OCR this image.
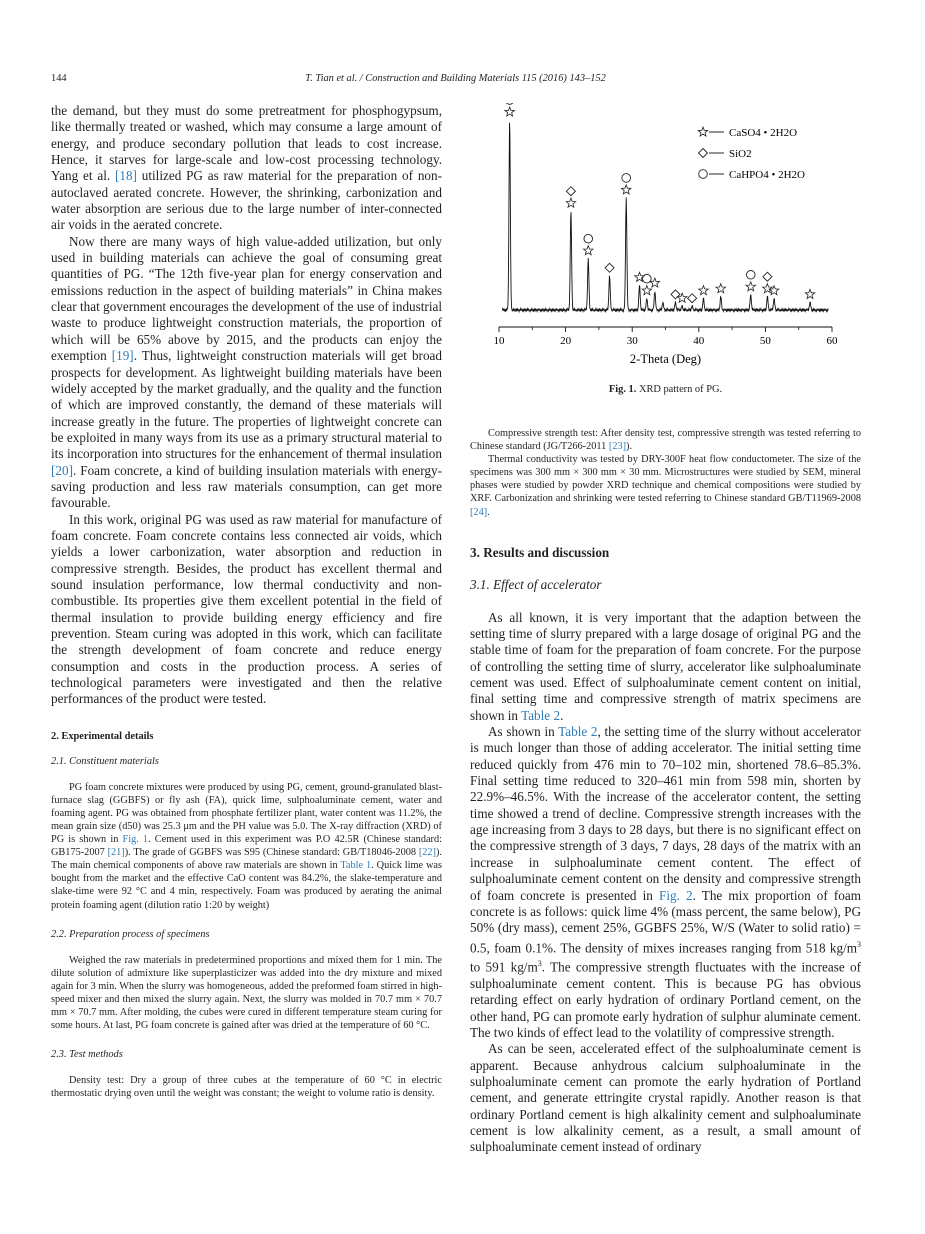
144	T. Tian et al. / Construction and Building Materials 115 (2016) 143–152

the demand, but they must do some pretreatment for phosphogypsum, like thermally treated or washed, which may consume a large amount of energy, and produce secondary pollution that leads to cost increase. Hence, it starves for large-scale and low-cost processing technology. Yang et al. [18] utilized PG as raw material for the preparation of non-autoclaved aerated concrete. However, the shrinking, carbonization and water absorption are serious due to the large number of inter-connected air voids in the aerated concrete.

Now there are many ways of high value-added utilization, but only used in building materials can achieve the goal of consuming great quantities of PG. “The 12th five-year plan for energy conservation and emissions reduction in the aspect of building materials” in China makes clear that government encourages the development of the use of industrial waste to produce lightweight construction materials, the proportion of which will be 65% above by 2015, and the products can enjoy the exemption [19]. Thus, lightweight construction materials will get broad prospects for development. As lightweight building materials have been widely accepted by the market gradually, and the quality and the function of which are improved constantly, the demand of these materials will increase greatly in the future. The properties of lightweight concrete can be exploited in many ways from its use as a primary structural material to its incorporation into structures for the enhancement of thermal insulation [20]. Foam concrete, a kind of building insulation materials with energy-saving production and less raw materials consumption, can get more favourable.

In this work, original PG was used as raw material for manufacture of foam concrete. Foam concrete contains less connected air voids, which yields a lower carbonization, water absorption and reduction in compressive strength. Besides, the product has excellent thermal and sound insulation performance, low thermal conductivity and non-combustible. Its properties give them excellent potential in the field of thermal insulation to provide building energy efficiency and fire prevention. Steam curing was adopted in this work, which can facilitate the strength development of foam concrete and reduce energy consumption and costs in the production process. A series of technological parameters were investigated and then the relative performances of the product were tested.

2. Experimental details

2.1. Constituent materials

PG foam concrete mixtures were produced by using PG, cement, ground-granulated blast-furnace slag (GGBFS) or fly ash (FA), quick lime, sulphoaluminate cement, water and foaming agent. PG was obtained from phosphate fertilizer plant, water content was 11.2%, the mean grain size (d50) was 25.3 μm and the PH value was 5.0. The X-ray diffraction (XRD) of PG is shown in Fig. 1. Cement used in this experiment was P.O 42.5R (Chinese standard: GB175-2007 [21]). The grade of GGBFS was S95 (Chinese standard: GB/T18046-2008 [22]). The main chemical components of above raw materials are shown in Table 1. Quick lime was bought from the market and the effective CaO content was 84.2%, the slake-temperature and slake-time were 92 °C and 4 min, respectively. Foam was produced by aerating the animal protein foaming agent (dilution ratio 1:20 by weight)

2.2. Preparation process of specimens

Weighed the raw materials in predetermined proportions and mixed them for 1 min. The dilute solution of admixture like superplasticizer was added into the dry mixture and mixed again for 3 min. When the slurry was homogeneous, added the preformed foam stirred in high-speed mixer and then mixed the slurry again. Next, the slurry was molded in 70.7 mm × 70.7 mm × 70.7 mm. After molding, the cubes were cured in different temperature steam curing for some hours. At last, PG foam concrete is gained after was dried at the temperature of 60 °C.

2.3. Test methods

Density test: Dry a group of three cubes at the temperature of 60 °C in electric thermostatic drying oven until the weight was constant; the weight to volume ratio is density.

CaSO4 • 2H2O
SiO2
CaHPO4 • 2H2O
10	20	30	40	50	60
2-Theta (Deg)

Fig. 1. XRD pattern of PG.

Compressive strength test: After density test, compressive strength was tested referring to Chinese standard (JG/T266-2011 [23]).

Thermal conductivity was tested by DRY-300F heat flow conductometer. The size of the specimens was 300 mm × 300 mm × 30 mm. Microstructures were studied by SEM, mineral phases were studied by powder XRD technique and chemical compositions were studied by XRF. Carbonization and shrinking were tested referring to Chinese standard GB/T11969-2008 [24].

3. Results and discussion

3.1. Effect of accelerator

As all known, it is very important that the adaption between the setting time of slurry prepared with a large dosage of original PG and the stable time of foam for the preparation of foam concrete. For the purpose of controlling the setting time of slurry, accelerator like sulphoaluminate cement was used. Effect of sulphoaluminate cement content on initial, final setting time and compressive strength of matrix specimens are shown in Table 2.

As shown in Table 2, the setting time of the slurry without accelerator is much longer than those of adding accelerator. The initial setting time reduced quickly from 476 min to 70–102 min, shortened 78.6–85.3%. Final setting time reduced to 320–461 min from 598 min, shorten by 22.9%–46.5%. With the increase of the accelerator content, the setting time showed a trend of decline. Compressive strength increases with the age increasing from 3 days to 28 days, but there is no significant effect on the compressive strength of 3 days, 7 days, 28 days of the matrix with an increase in sulphoaluminate cement content. The effect of sulphoaluminate cement content on the density and compressive strength of foam concrete is presented in Fig. 2. The mix proportion of foam concrete is as follows: quick lime 4% (mass percent, the same below), PG 50% (dry mass), cement 25%, GGBFS 25%, W/S (Water to solid ratio) = 0.5, foam 0.1%. The density of mixes increases ranging from 518 $kg/m^3$ to 591 $kg/m^3$. The compressive strength fluctuates with the increase of sulphoaluminate cement content. This is because PG has obvious retarding effect on early hydration of ordinary Portland cement, on the other hand, PG can promote early hydration of sulphur aluminate cement. The two kinds of effect lead to the volatility of compressive strength.

As can be seen, accelerated effect of the sulphoaluminate cement is apparent. Because anhydrous calcium sulphoaluminate in the sulphoaluminate cement can promote the early hydration of Portland cement, and generate ettringite crystal rapidly. Another reason is that ordinary Portland cement is high alkalinity cement and sulphoaluminate cement is low alkalinity cement, as a result, a small amount of sulphoaluminate cement instead of ordinary
